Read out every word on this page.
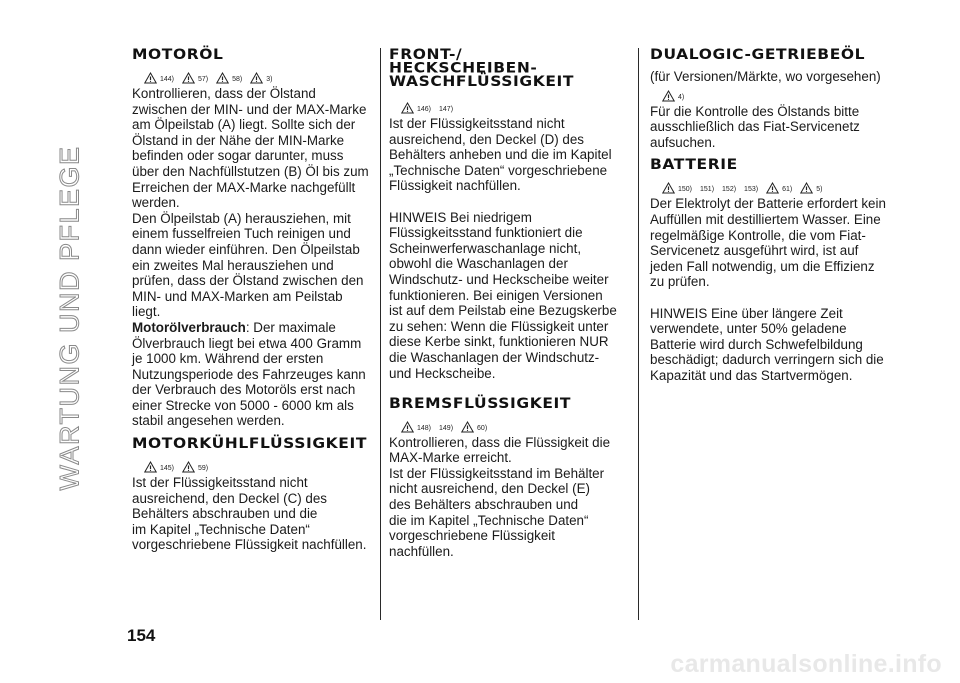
WARTUNG UND PFLEGE
MOTORÖL
144)	57)	58)	3)

Kontrollieren, dass der Ölstand
zwischen der MIN- und der MAX-Marke
am Ölpeilstab (A) liegt. Sollte sich der
Ölstand in der Nähe der MIN-Marke
befinden oder sogar darunter, muss
über den Nachfüllstutzen (B) Öl bis zum
Erreichen der MAX-Marke nachgefüllt
werden.

Den Ölpeilstab (A) herausziehen, mit
einem fusselfreien Tuch reinigen und
dann wieder einführen. Den Ölpeilstab
ein zweites Mal herausziehen und
prüfen, dass der Ölstand zwischen den
MIN- und MAX-Marken am Peilstab
liegt.

Motorölverbrauch: Der maximale
Ölverbrauch liegt bei etwa 400 Gramm
je 1000 km. Während der ersten
Nutzungsperiode des Fahrzeuges kann
der Verbrauch des Motoröls erst nach
einer Strecke von 5000 - 6000 km als
stabil angesehen werden.

MOTORKÜHLFLÜSSIGKEIT
145)	59)

Ist der Flüssigkeitsstand nicht
ausreichend, den Deckel (C) des
Behälters abschrauben und die
im Kapitel „Technische Daten“
vorgeschriebene Flüssigkeit nachfüllen.

FRONT-/
HECKSCHEIBEN-
WASCHFLÜSSIGKEIT
146) 147)

Ist der Flüssigkeitsstand nicht
ausreichend, den Deckel (D) des
Behälters anheben und die im Kapitel
„Technische Daten“ vorgeschriebene
Flüssigkeit nachfüllen.

HINWEIS Bei niedrigem
Flüssigkeitsstand funktioniert die
Scheinwerferwaschanlage nicht,
obwohl die Waschanlagen der
Windschutz- und Heckscheibe weiter
funktionieren. Bei einigen Versionen
ist auf dem Peilstab eine Bezugskerbe
zu sehen: Wenn die Flüssigkeit unter
diese Kerbe sinkt, funktionieren NUR
die Waschanlagen der Windschutz-
und Heckscheibe.

BREMSFLÜSSIGKEIT
148) 149)	60)

Kontrollieren, dass die Flüssigkeit die
MAX-Marke erreicht.

Ist der Flüssigkeitsstand im Behälter
nicht ausreichend, den Deckel (E)
des Behälters abschrauben und
die im Kapitel „Technische Daten“
vorgeschriebene Flüssigkeit nachfüllen.

DUALOGIC-GETRIEBEÖL

(für Versionen/Märkte, wo vorgesehen)

4)

Für die Kontrolle des Ölstands bitte
ausschließlich das Fiat-Servicenetz
aufsuchen.

BATTERIE
150) 151) 152) 153)	61)	5)

Der Elektrolyt der Batterie erfordert kein
Auffüllen mit destilliertem Wasser. Eine
regelmäßige Kontrolle, die vom Fiat-
Servicenetz ausgeführt wird, ist auf
jeden Fall notwendig, um die Effizienz
zu prüfen.

HINWEIS Eine über längere Zeit
verwendete, unter 50% geladene
Batterie wird durch Schwefelbildung
beschädigt; dadurch verringern sich die
Kapazität und das Startvermögen.

154
carmanualsonline.info
